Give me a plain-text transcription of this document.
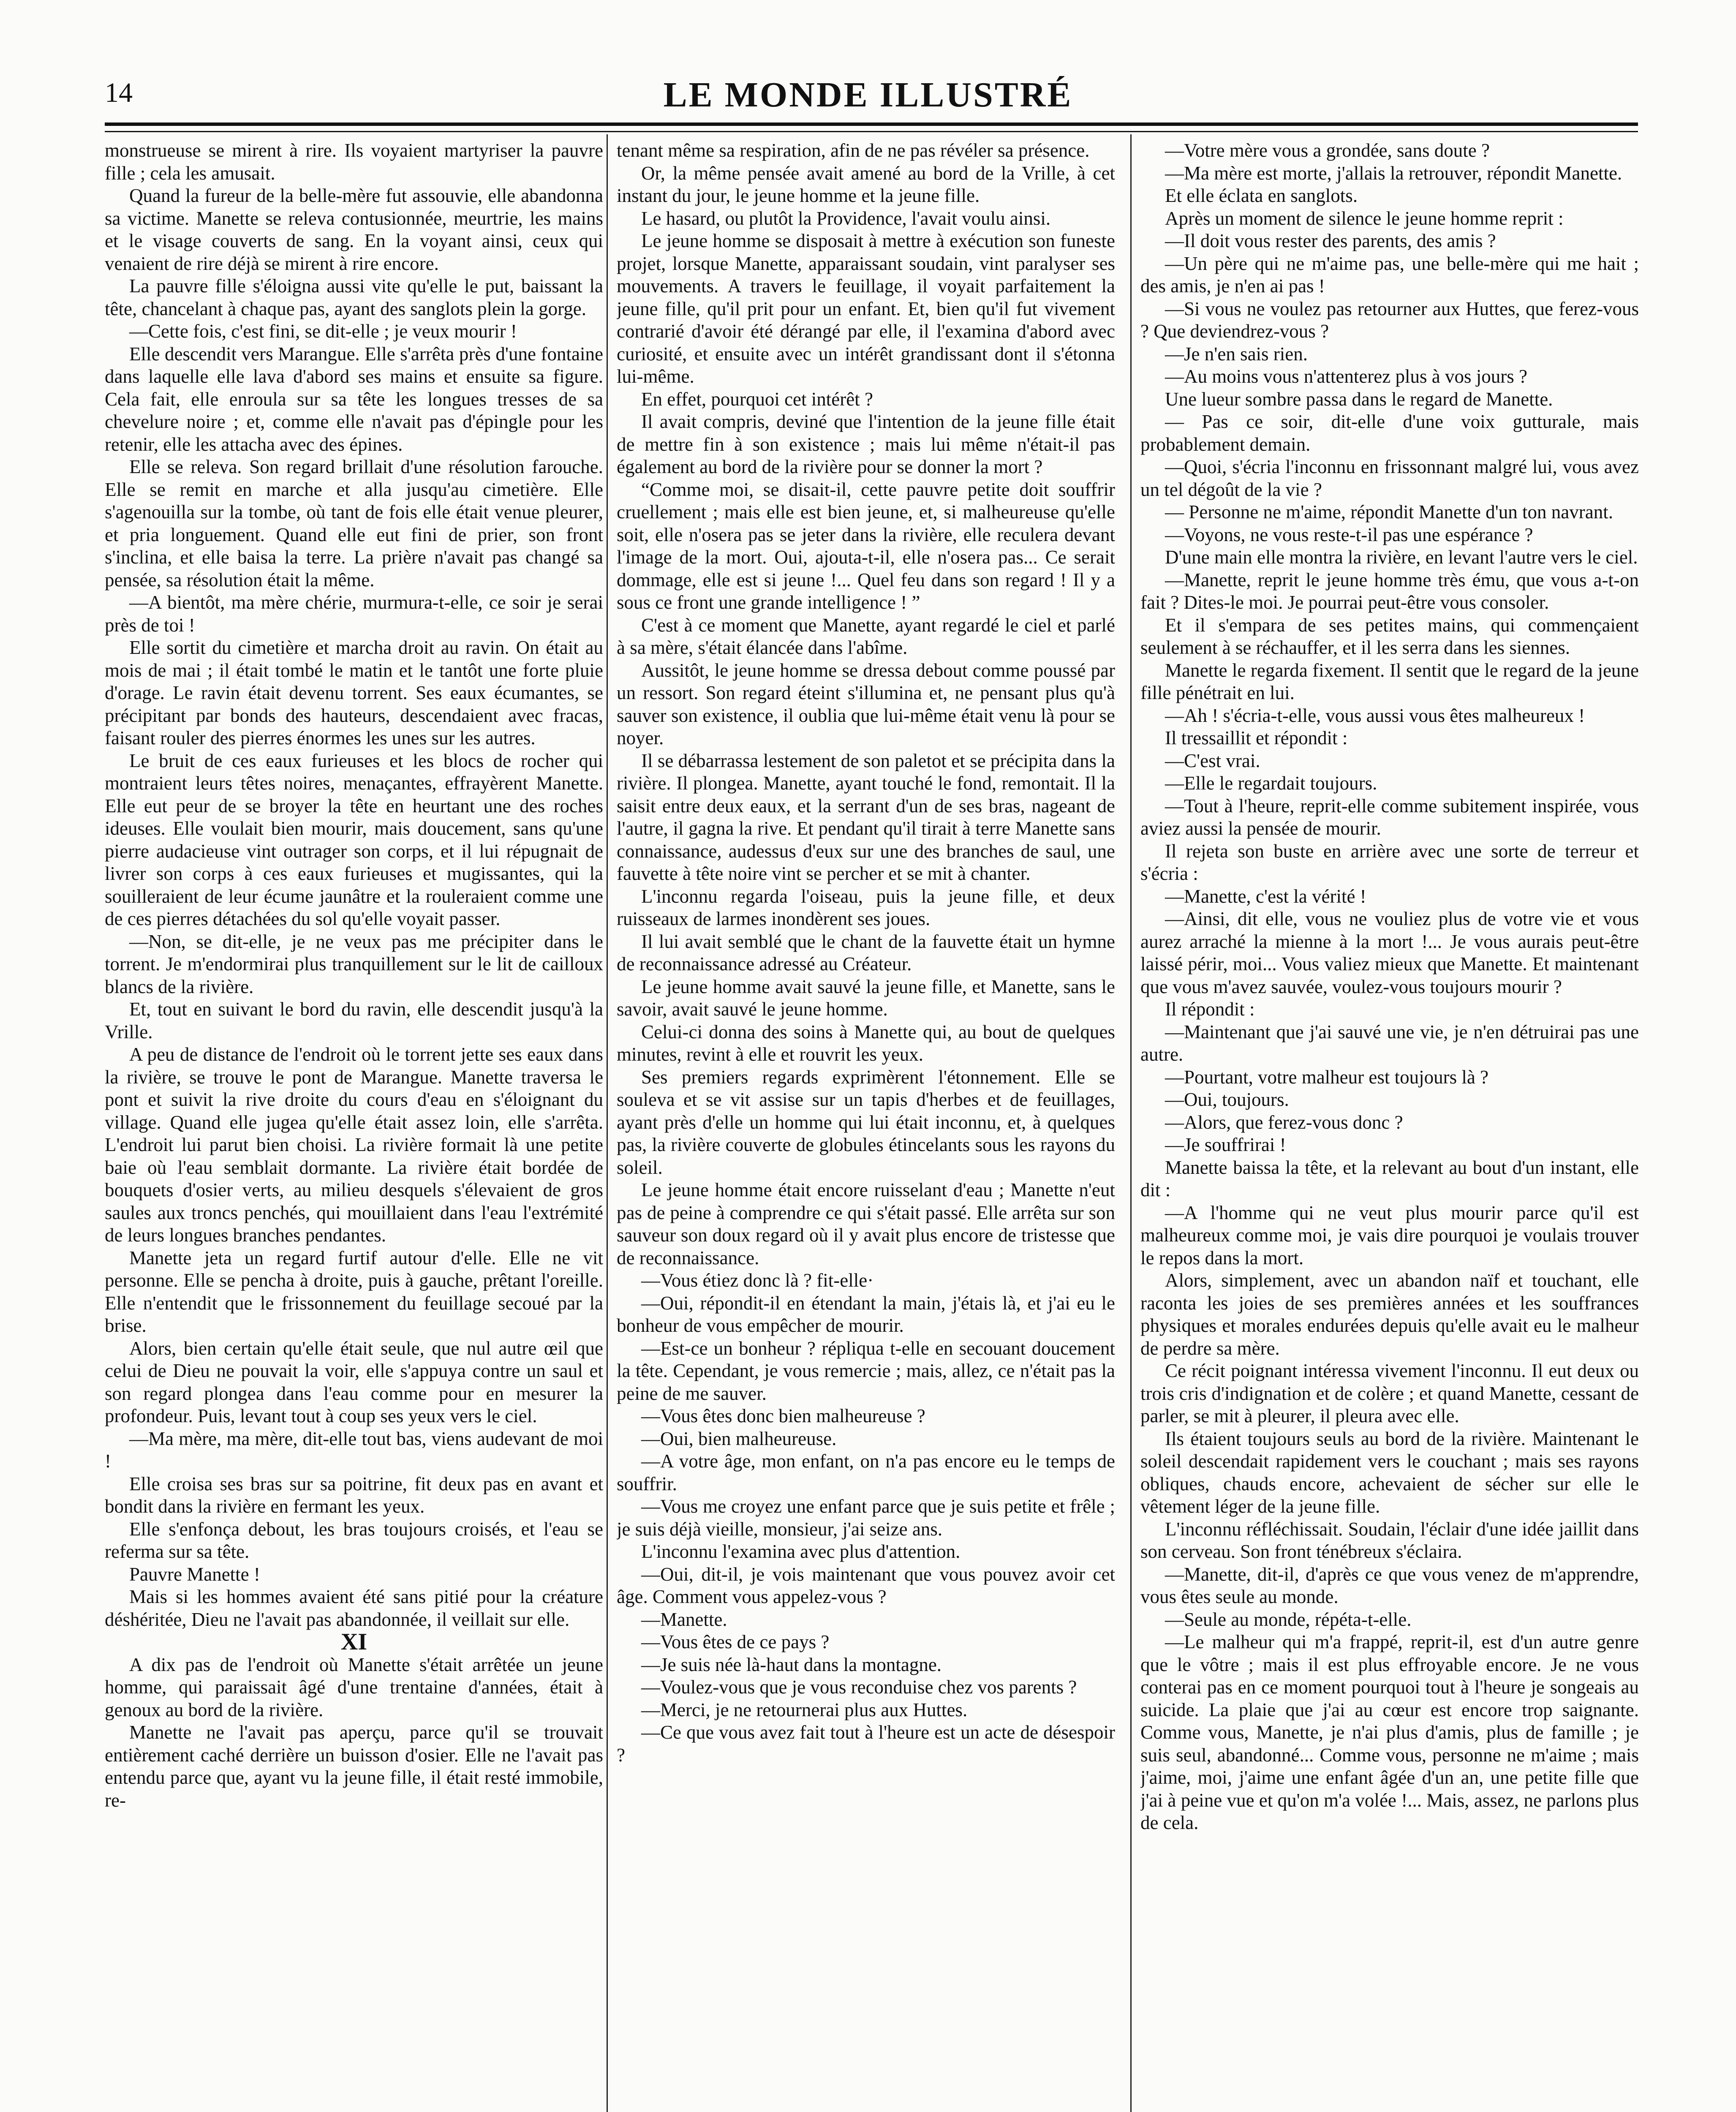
14	LE MONDE ILLUSTRÉ

monstrueuse se mirent à rire. Ils voyaient martyriser la pauvre fille ; cela les amusait.

Quand la fureur de la belle-mère fut assouvie, elle abandonna sa victime. Manette se releva contusionnée, meurtrie, les mains et le visage couverts de sang. En la voyant ainsi, ceux qui venaient de rire déjà se mirent à rire encore.

La pauvre fille s'éloigna aussi vite qu'elle le put, baissant la tête, chancelant à chaque pas, ayant des sanglots plein la gorge.

—Cette fois, c'est fini, se dit-elle ; je veux mourir !

Elle descendit vers Marangue. Elle s'arrêta près d'une fontaine dans laquelle elle lava d'abord ses mains et ensuite sa figure. Cela fait, elle enroula sur sa tête les longues tresses de sa chevelure noire ; et, comme elle n'avait pas d'épingle pour les retenir, elle les attacha avec des épines.

Elle se releva. Son regard brillait d'une résolution farouche. Elle se remit en marche et alla jusqu'au cimetière. Elle s'agenouilla sur la tombe, où tant de fois elle était venue pleurer, et pria longuement. Quand elle eut fini de prier, son front s'inclina, et elle baisa la terre. La prière n'avait pas changé sa pensée, sa résolution était la même.

—A bientôt, ma mère chérie, murmura-t-elle, ce soir je serai près de toi !

Elle sortit du cimetière et marcha droit au ravin. On était au mois de mai ; il était tombé le matin et le tantôt une forte pluie d'orage. Le ravin était devenu torrent. Ses eaux écumantes, se précipitant par bonds des hauteurs, descendaient avec fracas, faisant rouler des pierres énormes les unes sur les autres.

Le bruit de ces eaux furieuses et les blocs de rocher qui montraient leurs têtes noires, menaçantes, effrayèrent Manette. Elle eut peur de se broyer la tête en heurtant une des roches ideuses. Elle voulait bien mourir, mais doucement, sans qu'une pierre audacieuse vint outrager son corps, et il lui répugnait de livrer son corps à ces eaux furieuses et mugissantes, qui la souilleraient de leur écume jaunâtre et la rouleraient comme une de ces pierres détachées du sol qu'elle voyait passer.

—Non, se dit-elle, je ne veux pas me précipiter dans le torrent. Je m'endormirai plus tranquillement sur le lit de cailloux blancs de la rivière.

Et, tout en suivant le bord du ravin, elle descendit jusqu'à la Vrille.

A peu de distance de l'endroit où le torrent jette ses eaux dans la rivière, se trouve le pont de Marangue. Manette traversa le pont et suivit la rive droite du cours d'eau en s'éloignant du village. Quand elle jugea qu'elle était assez loin, elle s'arrêta. L'endroit lui parut bien choisi. La rivière formait là une petite baie où l'eau semblait dormante. La rivière était bordée de bouquets d'osier verts, au milieu desquels s'élevaient de gros saules aux troncs penchés, qui mouillaient dans l'eau l'extrémité de leurs longues branches pendantes.

Manette jeta un regard furtif autour d'elle. Elle ne vit personne. Elle se pencha à droite, puis à gauche, prêtant l'oreille. Elle n'entendit que le frissonnement du feuillage secoué par la brise.

Alors, bien certain qu'elle était seule, que nul autre œil que celui de Dieu ne pouvait la voir, elle s'appuya contre un saul et son regard plongea dans l'eau comme pour en mesurer la profondeur. Puis, levant tout à coup ses yeux vers le ciel.

—Ma mère, ma mère, dit-elle tout bas, viens audevant de moi !

Elle croisa ses bras sur sa poitrine, fit deux pas en avant et bondit dans la rivière en fermant les yeux.

Elle s'enfonça debout, les bras toujours croisés, et l'eau se referma sur sa tête.

Pauvre Manette !

Mais si les hommes avaient été sans pitié pour la créature déshéritée, Dieu ne l'avait pas abandonnée, il veillait sur elle.

XI

A dix pas de l'endroit où Manette s'était arrêtée un jeune homme, qui paraissait âgé d'une trentaine d'années, était à genoux au bord de la rivière.

Manette ne l'avait pas aperçu, parce qu'il se trouvait entièrement caché derrière un buisson d'osier. Elle ne l'avait pas entendu parce que, ayant vu la jeune fille, il était resté immobile, re-

tenant même sa respiration, afin de ne pas révéler sa présence.

Or, la même pensée avait amené au bord de la Vrille, à cet instant du jour, le jeune homme et la jeune fille.

Le hasard, ou plutôt la Providence, l'avait voulu ainsi.

Le jeune homme se disposait à mettre à exécution son funeste projet, lorsque Manette, apparaissant soudain, vint paralyser ses mouvements. A travers le feuillage, il voyait parfaitement la jeune fille, qu'il prit pour un enfant. Et, bien qu'il fut vivement contrarié d'avoir été dérangé par elle, il l'examina d'abord avec curiosité, et ensuite avec un intérêt grandissant dont il s'étonna lui-même.

En effet, pourquoi cet intérêt ?

Il avait compris, deviné que l'intention de la jeune fille était de mettre fin à son existence ; mais lui même n'était-il pas également au bord de la rivière pour se donner la mort ?

“Comme moi, se disait-il, cette pauvre petite doit souffrir cruellement ; mais elle est bien jeune, et, si malheureuse qu'elle soit, elle n'osera pas se jeter dans la rivière, elle reculera devant l'image de la mort. Oui, ajouta-t-il, elle n'osera pas... Ce serait dommage, elle est si jeune !... Quel feu dans son regard ! Il y a sous ce front une grande intelligence ! ”

C'est à ce moment que Manette, ayant regardé le ciel et parlé à sa mère, s'était élancée dans l'abîme.

Aussitôt, le jeune homme se dressa debout comme poussé par un ressort. Son regard éteint s'illumina et, ne pensant plus qu'à sauver son existence, il oublia que lui-même était venu là pour se noyer.

Il se débarrassa lestement de son paletot et se précipita dans la rivière. Il plongea. Manette, ayant touché le fond, remontait. Il la saisit entre deux eaux, et la serrant d'un de ses bras, nageant de l'autre, il gagna la rive. Et pendant qu'il tirait à terre Manette sans connaissance, audessus d'eux sur une des branches de saul, une fauvette à tête noire vint se percher et se mit à chanter.

L'inconnu regarda l'oiseau, puis la jeune fille, et deux ruisseaux de larmes inondèrent ses joues.

Il lui avait semblé que le chant de la fauvette était un hymne de reconnaissance adressé au Créateur.

Le jeune homme avait sauvé la jeune fille, et Manette, sans le savoir, avait sauvé le jeune homme.

Celui-ci donna des soins à Manette qui, au bout de quelques minutes, revint à elle et rouvrit les yeux.

Ses premiers regards exprimèrent l'étonnement. Elle se souleva et se vit assise sur un tapis d'herbes et de feuillages, ayant près d'elle un homme qui lui était inconnu, et, à quelques pas, la rivière couverte de globules étincelants sous les rayons du soleil.

Le jeune homme était encore ruisselant d'eau ; Manette n'eut pas de peine à comprendre ce qui s'était passé. Elle arrêta sur son sauveur son doux regard où il y avait plus encore de tristesse que de reconnaissance.

—Vous étiez donc là ? fit-elle·

—Oui, répondit-il en étendant la main, j'étais là, et j'ai eu le bonheur de vous empêcher de mourir.

—Est-ce un bonheur ? répliqua t-elle en secouant doucement la tête. Cependant, je vous remercie ; mais, allez, ce n'était pas la peine de me sauver.

—Vous êtes donc bien malheureuse ?

—Oui, bien malheureuse.

—A votre âge, mon enfant, on n'a pas encore eu le temps de souffrir.

—Vous me croyez une enfant parce que je suis petite et frêle ; je suis déjà vieille, monsieur, j'ai seize ans.

L'inconnu l'examina avec plus d'attention.

—Oui, dit-il, je vois maintenant que vous pouvez avoir cet âge. Comment vous appelez-vous ?

—Manette.

—Vous êtes de ce pays ?

—Je suis née là-haut dans la montagne.

—Voulez-vous que je vous reconduise chez vos parents ?

—Merci, je ne retournerai plus aux Huttes.

—Ce que vous avez fait tout à l'heure est un acte de désespoir ?

—Votre mère vous a grondée, sans doute ?

—Ma mère est morte, j'allais la retrouver, répondit Manette.

Et elle éclata en sanglots.

Après un moment de silence le jeune homme reprit :

—Il doit vous rester des parents, des amis ?

—Un père qui ne m'aime pas, une belle-mère qui me hait ; des amis, je n'en ai pas !

—Si vous ne voulez pas retourner aux Huttes, que ferez-vous ? Que deviendrez-vous ?

—Je n'en sais rien.

—Au moins vous n'attenterez plus à vos jours ?

Une lueur sombre passa dans le regard de Manette.

— Pas ce soir, dit-elle d'une voix gutturale, mais probablement demain.

—Quoi, s'écria l'inconnu en frissonnant malgré lui, vous avez un tel dégoût de la vie ?

— Personne ne m'aime, répondit Manette d'un ton navrant.

—Voyons, ne vous reste-t-il pas une espérance ?

D'une main elle montra la rivière, en levant l'autre vers le ciel.

—Manette, reprit le jeune homme très ému, que vous a-t-on fait ? Dites-le moi. Je pourrai peut-être vous consoler.

Et il s'empara de ses petites mains, qui commençaient seulement à se réchauffer, et il les serra dans les siennes.

Manette le regarda fixement. Il sentit que le regard de la jeune fille pénétrait en lui.

—Ah ! s'écria-t-elle, vous aussi vous êtes malheureux !

Il tressaillit et répondit :

—C'est vrai.

—Elle le regardait toujours.

—Tout à l'heure, reprit-elle comme subitement inspirée, vous aviez aussi la pensée de mourir.

Il rejeta son buste en arrière avec une sorte de terreur et s'écria :

—Manette, c'est la vérité !

—Ainsi, dit elle, vous ne vouliez plus de votre vie et vous aurez arraché la mienne à la mort !... Je vous aurais peut-être laissé périr, moi... Vous valiez mieux que Manette. Et maintenant que vous m'avez sauvée, voulez-vous toujours mourir ?

Il répondit :

—Maintenant que j'ai sauvé une vie, je n'en détruirai pas une autre.

—Pourtant, votre malheur est toujours là ?

—Oui, toujours.

—Alors, que ferez-vous donc ?

—Je souffrirai !

Manette baissa la tête, et la relevant au bout d'un instant, elle dit :

—A l'homme qui ne veut plus mourir parce qu'il est malheureux comme moi, je vais dire pourquoi je voulais trouver le repos dans la mort.

Alors, simplement, avec un abandon naïf et touchant, elle raconta les joies de ses premières années et les souffrances physiques et morales endurées depuis qu'elle avait eu le malheur de perdre sa mère.

Ce récit poignant intéressa vivement l'inconnu. Il eut deux ou trois cris d'indignation et de colère ; et quand Manette, cessant de parler, se mit à pleurer, il pleura avec elle.

Ils étaient toujours seuls au bord de la rivière. Maintenant le soleil descendait rapidement vers le couchant ; mais ses rayons obliques, chauds encore, achevaient de sécher sur elle le vêtement léger de la jeune fille.

L'inconnu réfléchissait. Soudain, l'éclair d'une idée jaillit dans son cerveau. Son front ténébreux s'éclaira.

—Manette, dit-il, d'après ce que vous venez de m'apprendre, vous êtes seule au monde.

—Seule au monde, répéta-t-elle.

—Le malheur qui m'a frappé, reprit-il, est d'un autre genre que le vôtre ; mais il est plus effroyable encore. Je ne vous conterai pas en ce moment pourquoi tout à l'heure je songeais au suicide. La plaie que j'ai au cœur est encore trop saignante. Comme vous, Manette, je n'ai plus d'amis, plus de famille ; je suis seul, abandonné... Comme vous, personne ne m'aime ; mais j'aime, moi, j'aime une enfant âgée d'un an, une petite fille que j'ai à peine vue et qu'on m'a volée !... Mais, assez, ne parlons plus de cela.
